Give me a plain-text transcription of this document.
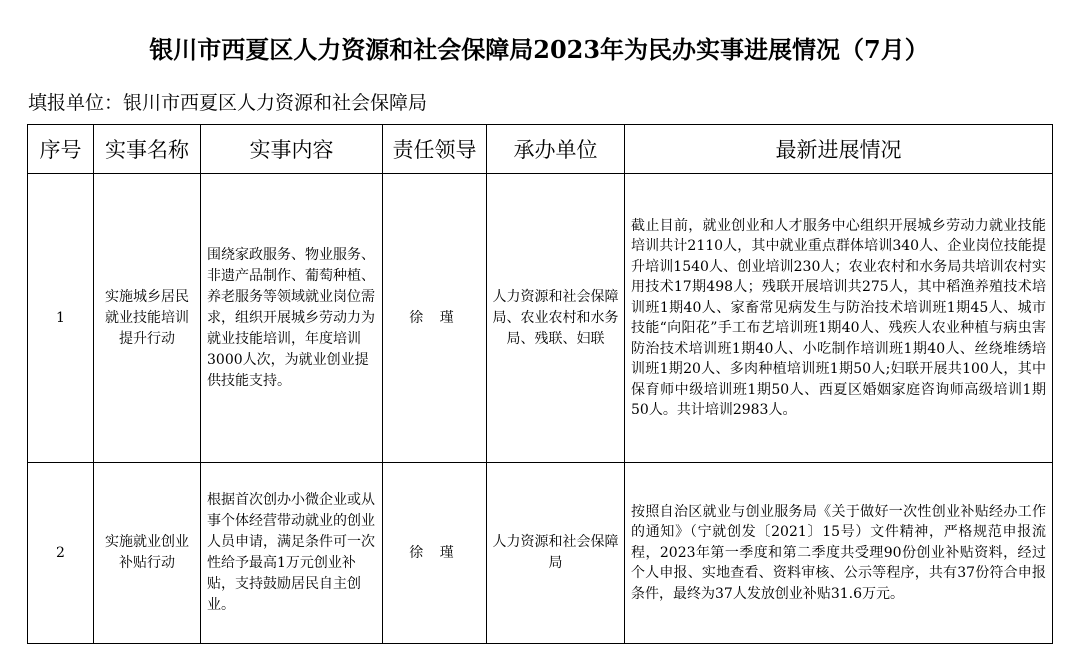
银川市西夏区人力资源和社会保障局2023年为民办实事进展情况（7月）
填报单位：银川市西夏区人力资源和社会保障局
序号	实事名称	实事内容	责任领导	承办单位	最新进展情况
1	实施城乡居民就业技能培训提升行动	围绕家政服务、物业服务、非遗产品制作、葡萄种植、养老服务等领域就业岗位需求，组织开展城乡劳动力为就业技能培训，年度培训3000人次，为就业创业提供技能支持。	徐 瑾	人力资源和社会保障局、农业农村和水务局、残联、妇联	截止目前，就业创业和人才服务中心组织开展城乡劳动力就业技能培训共计2110人，其中就业重点群体培训340人、企业岗位技能提升培训1540人、创业培训230人；农业农村和水务局共培训农村实用技术17期498人；残联开展培训共275人，其中稻渔养殖技术培训班1期40人、家畜常见病发生与防治技术培训班1期45人、城市技能“向阳花”手工布艺培训班1期40人、残疾人农业种植与病虫害防治技术培训班1期40人、小吃制作培训班1期40人、丝绕堆绣培训班1期20人、多肉种植培训班1期50人;妇联开展共100人，其中保育师中级培训班1期50人、西夏区婚姻家庭咨询师高级培训1期50人。共计培训2983人。
2	实施就业创业补贴行动	根据首次创办小微企业或从事个体经营带动就业的创业人员申请，满足条件可一次性给予最高1万元创业补贴，支持鼓励居民自主创业。	徐 瑾	人力资源和社会保障局	按照自治区就业与创业服务局《关于做好一次性创业补贴经办工作的通知》（宁就创发〔2021〕15号）文件精神，严格规范申报流程，2023年第一季度和第二季度共受理90份创业补贴资料，经过个人申报、实地查看、资料审核、公示等程序，共有37份符合申报条件，最终为37人发放创业补贴31.6万元。
